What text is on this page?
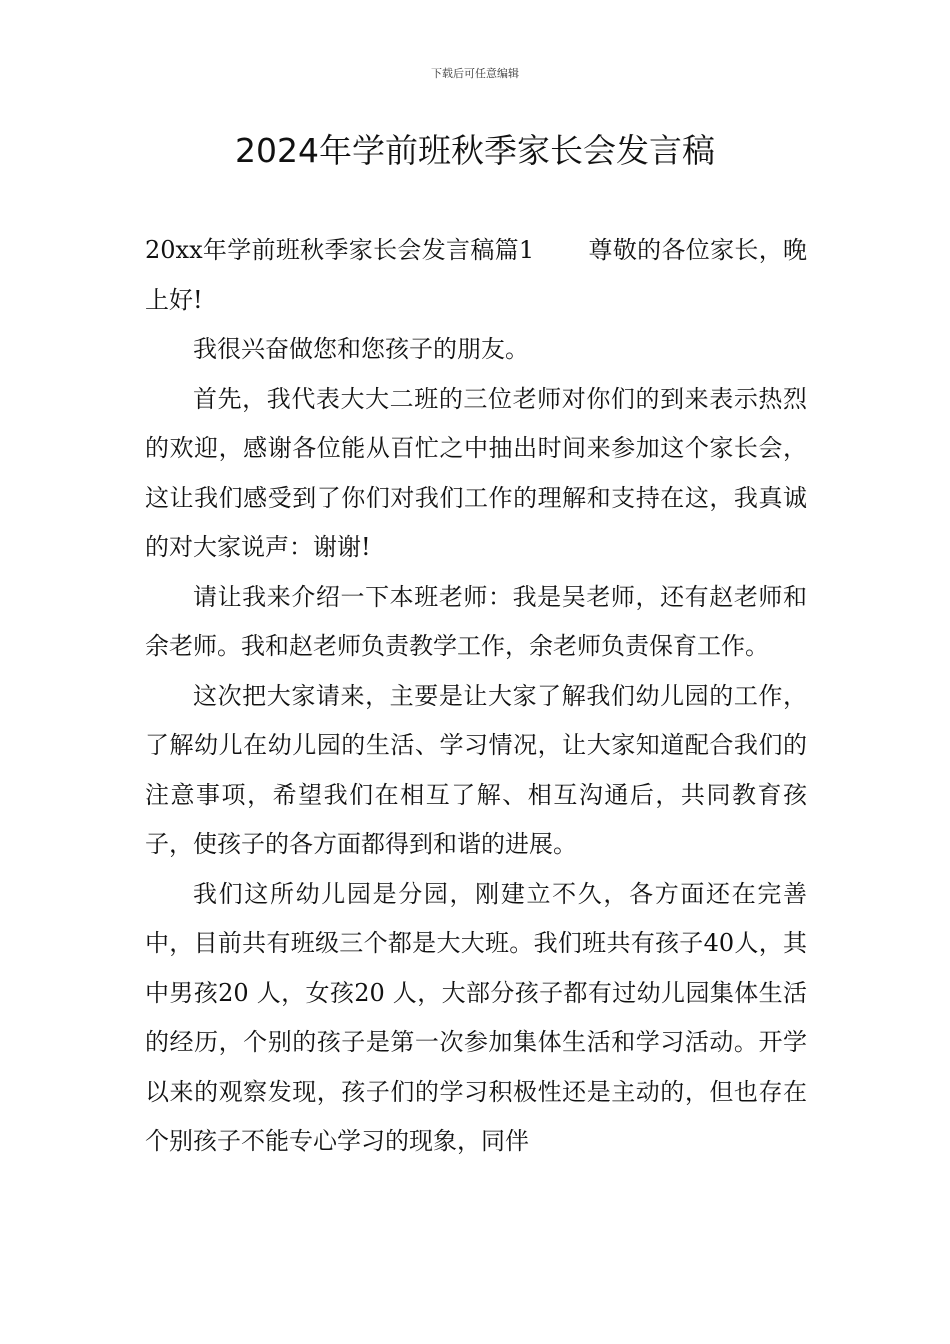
下载后可任意编辑
2024年学前班秋季家长会发言稿

20xx年学前班秋季家长会发言稿篇1 尊敬的各位家长，晚上好!

我很兴奋做您和您孩子的朋友。

首先，我代表大大二班的三位老师对你们的到来表示热烈的欢迎，感谢各位能从百忙之中抽出时间来参加这个家长会，这让我们感受到了你们对我们工作的理解和支持在这，我真诚的对大家说声：谢谢!

请让我来介绍一下本班老师：我是吴老师，还有赵老师和余老师。我和赵老师负责教学工作，余老师负责保育工作。

这次把大家请来，主要是让大家了解我们幼儿园的工作，了解幼儿在幼儿园的生活、学习情况，让大家知道配合我们的注意事项，希望我们在相互了解、相互沟通后，共同教育孩子，使孩子的各方面都得到和谐的进展。

我们这所幼儿园是分园，刚建立不久，各方面还在完善中，目前共有班级三个都是大大班。我们班共有孩子40人，其中男孩20 人，女孩20 人，大部分孩子都有过幼儿园集体生活的经历，个别的孩子是第一次参加集体生活和学习活动。开学以来的观察发现，孩子们的学习积极性还是主动的，但也存在个别孩子不能专心学习的现象，同伴
